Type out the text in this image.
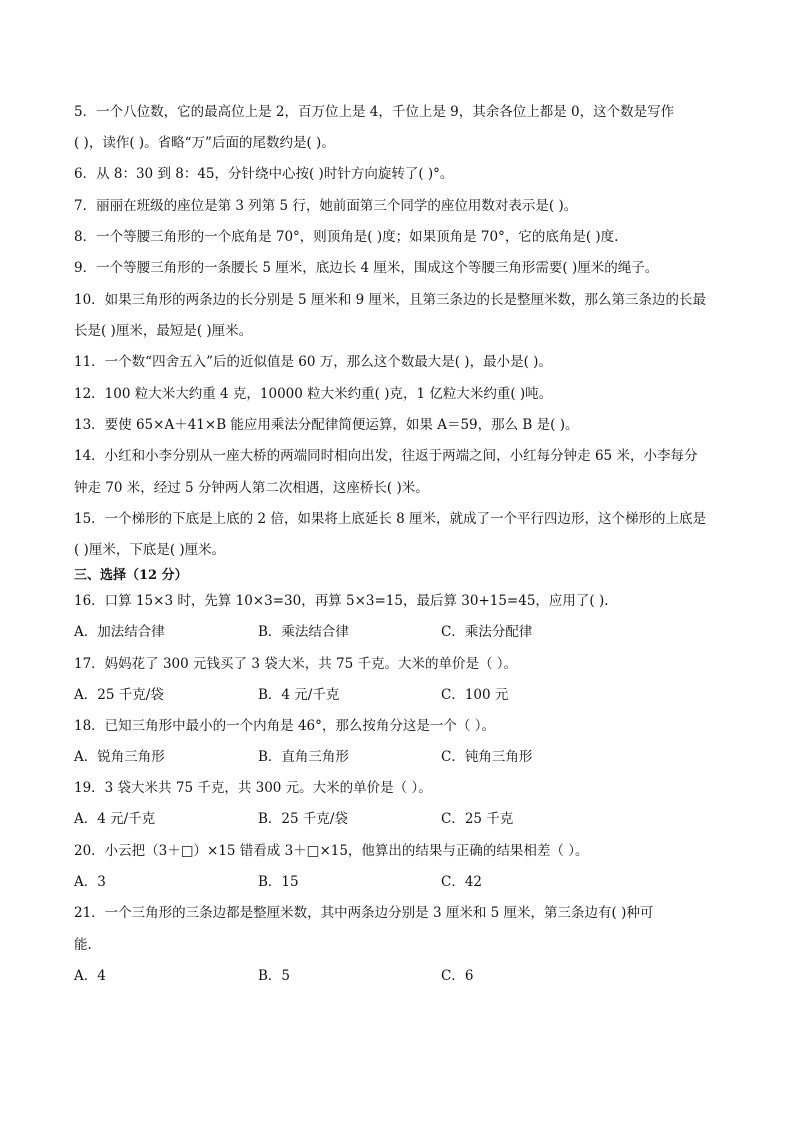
5．一个八位数，它的最高位上是 2，百万位上是 4，千位上是 9，其余各位上都是 0，这个数是写作
( )，读作( )。省略“万”后面的尾数约是( )。
6．从 8：30 到 8：45，分针绕中心按( )时针方向旋转了( )°。
7．丽丽在班级的座位是第 3 列第 5 行，她前面第三个同学的座位用数对表示是( )。
8．一个等腰三角形的一个底角是 70°，则顶角是( )度；如果顶角是 70°，它的底角是( )度.
9．一个等腰三角形的一条腰长 5 厘米，底边长 4 厘米，围成这个等腰三角形需要( )厘米的绳子。
10．如果三角形的两条边的长分别是 5 厘米和 9 厘米，且第三条边的长是整厘米数，那么第三条边的长最
长是( )厘米，最短是( )厘米。
11．一个数“四舍五入”后的近似值是 60 万，那么这个数最大是( )，最小是( )。
12．100 粒大米大约重 4 克，10000 粒大米约重( )克，1 亿粒大米约重( )吨。
13．要使 65×A＋41×B 能应用乘法分配律简便运算，如果 A＝59，那么 B 是( )。
14．小红和小李分别从一座大桥的两端同时相向出发，往返于两端之间，小红每分钟走 65 米，小李每分
钟走 70 米，经过 5 分钟两人第二次相遇，这座桥长( )米。
15．一个梯形的下底是上底的 2 倍，如果将上底延长 8 厘米，就成了一个平行四边形，这个梯形的上底是
( )厘米，下底是( )厘米。
三、选择（12 分）
16．口算 15×3 时，先算 10×3=30，再算 5×3=15，最后算 30+15=45，应用了( ).
A．加法结合律	B．乘法结合律	C．乘法分配律
17．妈妈花了 300 元钱买了 3 袋大米，共 75 千克。大米的单价是（ ）。
A．25 千克/袋	B．4 元/千克	C．100 元
18．已知三角形中最小的一个内角是 46°，那么按角分这是一个（ ）。
A．锐角三角形	B．直角三角形	C．钝角三角形
19．3 袋大米共 75 千克，共 300 元。大米的单价是（ ）。
A．4 元/千克	B．25 千克/袋	C．25 千克
20．小云把（3＋□）×15 错看成 3＋□×15，他算出的结果与正确的结果相差（ ）。
A．3	B．15	C．42
21．一个三角形的三条边都是整厘米数，其中两条边分别是 3 厘米和 5 厘米，第三条边有( )种可
能.
A．4	B．5	C．6
